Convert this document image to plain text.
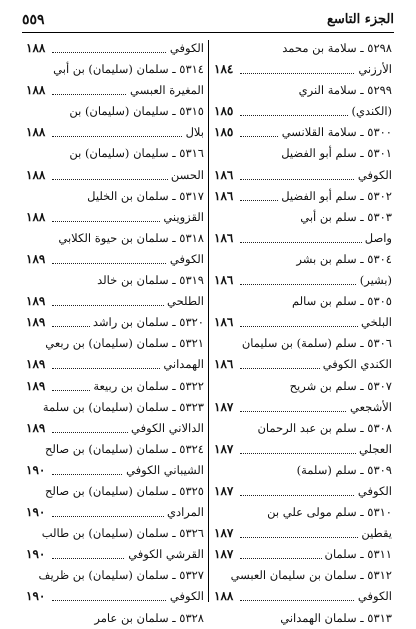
الجزء التاسع
٥٥٩
٥٢٩٨ ـ سلامة بن محمد
الأرزني
١٨٤
٥٢٩٩ ـ سلامة النري
(الكندي)
١٨٥
٥٣٠٠ ـ سلامة القلانسي
١٨٥
٥٣٠١ ـ سلم أبو الفضيل
الكوفي
١٨٦
٥٣٠٢ ـ سلم أبو الفضيل
١٨٦
٥٣٠٣ ـ سلم بن أبي
واصل
١٨٦
٥٣٠٤ ـ سلم بن بشر
(بشير)
١٨٦
٥٣٠٥ ـ سلم بن سالم
البلخي
١٨٦
٥٣٠٦ ـ سلم (سلمة) بن سليمان
الكندي الكوفي
١٨٦
٥٣٠٧ ـ سلم بن شريح
الأشجعي
١٨٧
٥٣٠٨ ـ سلم بن عبد الرحمان
العجلي
١٨٧
٥٣٠٩ ـ سلم (سلمة)
الكوفي
١٨٧
٥٣١٠ ـ سلم مولى علي بن
يقطين
١٨٧
٥٣١١ ـ سلمان
١٨٧
٥٣١٢ ـ سلمان بن سليمان العبسي
الكوفي
١٨٨
٥٣١٣ ـ سلمان الهمداني
الكوفي
١٨٨
٥٣١٤ ـ سلمان (سليمان) بن أبي
المغيرة العبسي
١٨٨
٥٣١٥ ـ سليمان (سليمان) بن
بلال
١٨٨
٥٣١٦ ـ سليمان (سليمان) بن
الحسن
١٨٨
٥٣١٧ ـ سلمان بن الخليل
القزويني
١٨٨
٥٣١٨ ـ سلمان بن حيوة الكلابي
الكوفي
١٨٩
٥٣١٩ ـ سلمان بن خالد
الطلحي
١٨٩
٥٣٢٠ ـ سلمان بن راشد
١٨٩
٥٣٢١ ـ سلمان (سليمان) بن ربعي
الهمداني
١٨٩
٥٣٢٢ ـ سلمان بن ربيعة
١٨٩
٥٣٢٣ ـ سلمان (سليمان) بن سلمة
الدالاني الكوفي
١٨٩
٥٣٢٤ ـ سلمان (سليمان) بن صالح
الشيباني الكوفي
١٩٠
٥٣٢٥ ـ سلمان (سليمان) بن صالح
المرادي
١٩٠
٥٣٢٦ ـ سلمان (سليمان) بن طالب
القرشي الكوفي
١٩٠
٥٣٢٧ ـ سلمان (سليمان) بن ظريف
الكوفي
١٩٠
٥٣٢٨ ـ سلمان بن عامر
